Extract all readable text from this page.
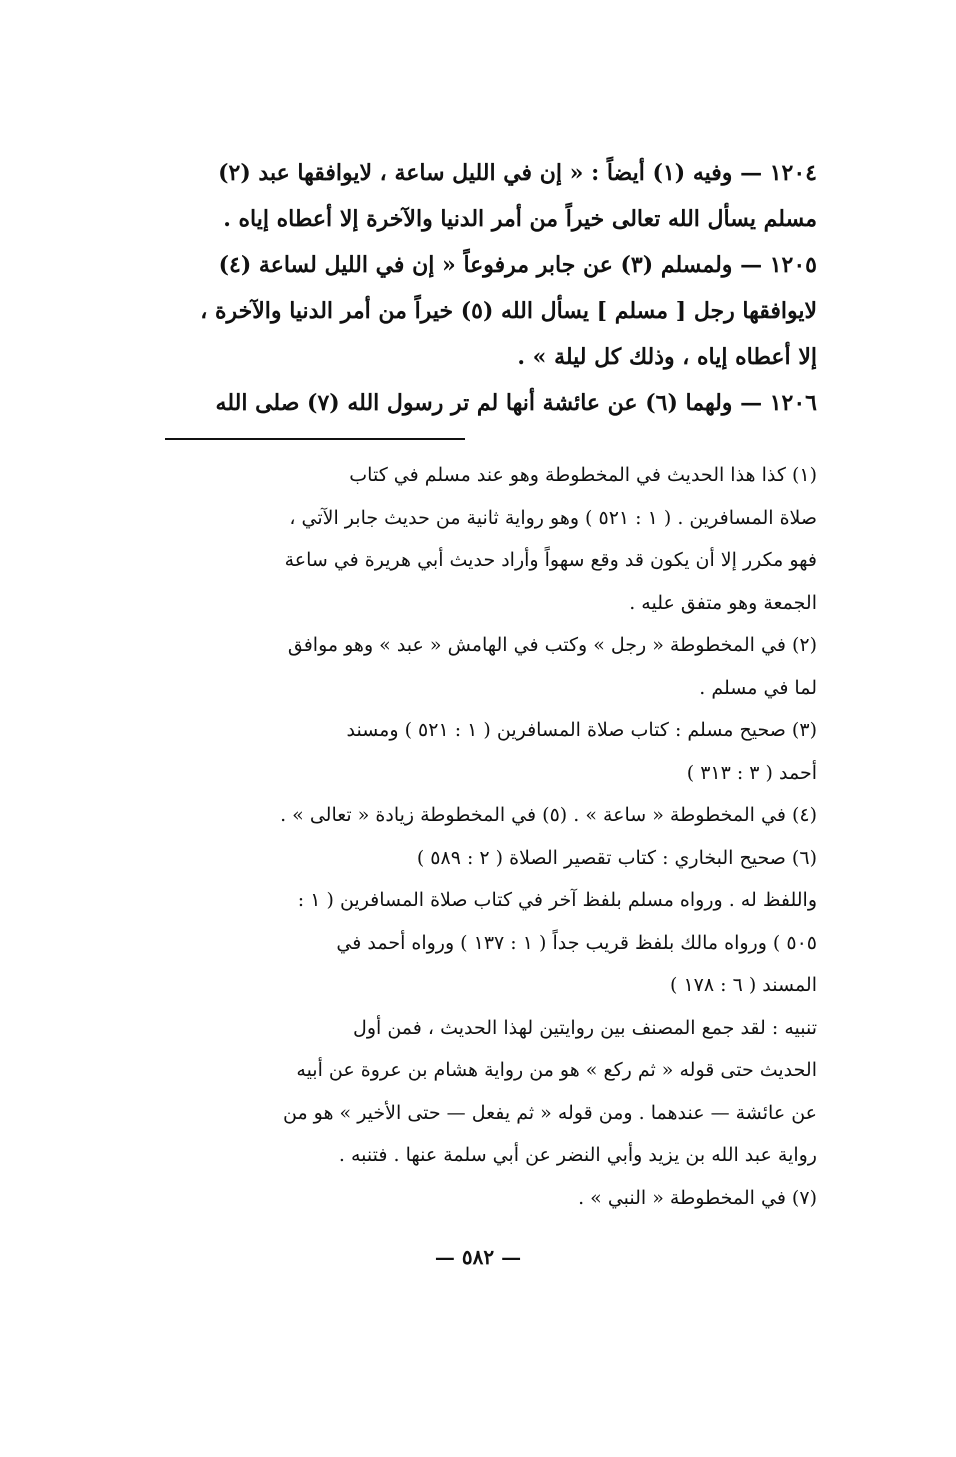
١٢٠٤ — وفيه (١) أيضاً : « إن في الليل ساعة ، لايوافقها عبد (٢)

مسلم يسأل الله تعالى خيراً من أمر الدنيا والآخرة إلا أعطاه إياه .

١٢٠٥ — ولمسلم (٣) عن جابر مرفوعاً « إن في الليل لساعة (٤)

لايوافقها رجل [ مسلم ] يسأل الله (٥) خيراً من أمر الدنيا والآخرة ،

إلا أعطاه إياه ، وذلك كل ليلة » .

١٢٠٦ — ولهما (٦) عن عائشة أنها لم تر رسول الله (٧) صلى الله

(١) كذا هذا الحديث في المخطوطة وهو عند مسلم في كتاب

صلاة المسافرين . ( ١ : ٥٢١ ) وهو رواية ثانية من حديث جابر الآتي ،

فهو مكرر إلا أن يكون قد وقع سهواً وأراد حديث أبي هريرة في ساعة

الجمعة وهو متفق عليه .

(٢) في المخطوطة « رجل » وكتب في الهامش « عبد » وهو موافق

لما في مسلم .

(٣) صحيح مسلم : كتاب صلاة المسافرين ( ١ : ٥٢١ ) ومسند

أحمد ( ٣ : ٣١٣ )

(٤) في المخطوطة « ساعة » . (٥) في المخطوطة زيادة « تعالى » .

(٦) صحيح البخاري : كتاب تقصير الصلاة ( ٢ : ٥٨٩ )

واللفظ له . ورواه مسلم بلفظ آخر في كتاب صلاة المسافرين ( ١ :

٥٠٥ ) ورواه مالك بلفظ قريب جداً ( ١ : ١٣٧ ) ورواه أحمد في

المسند ( ٦ : ١٧٨ )

تنبيه : لقد جمع المصنف بين روايتين لهذا الحديث ، فمن أول

الحديث حتى قوله « ثم ركع » هو من رواية هشام بن عروة عن أبيه

عن عائشة — عندهما . ومن قوله « ثم يفعل — حتى الأخير » هو من

رواية عبد الله بن يزيد وأبي النضر عن أبي سلمة عنها . فتنبه .

(٧) في المخطوطة « النبي » .

— ٥٨٢ —
